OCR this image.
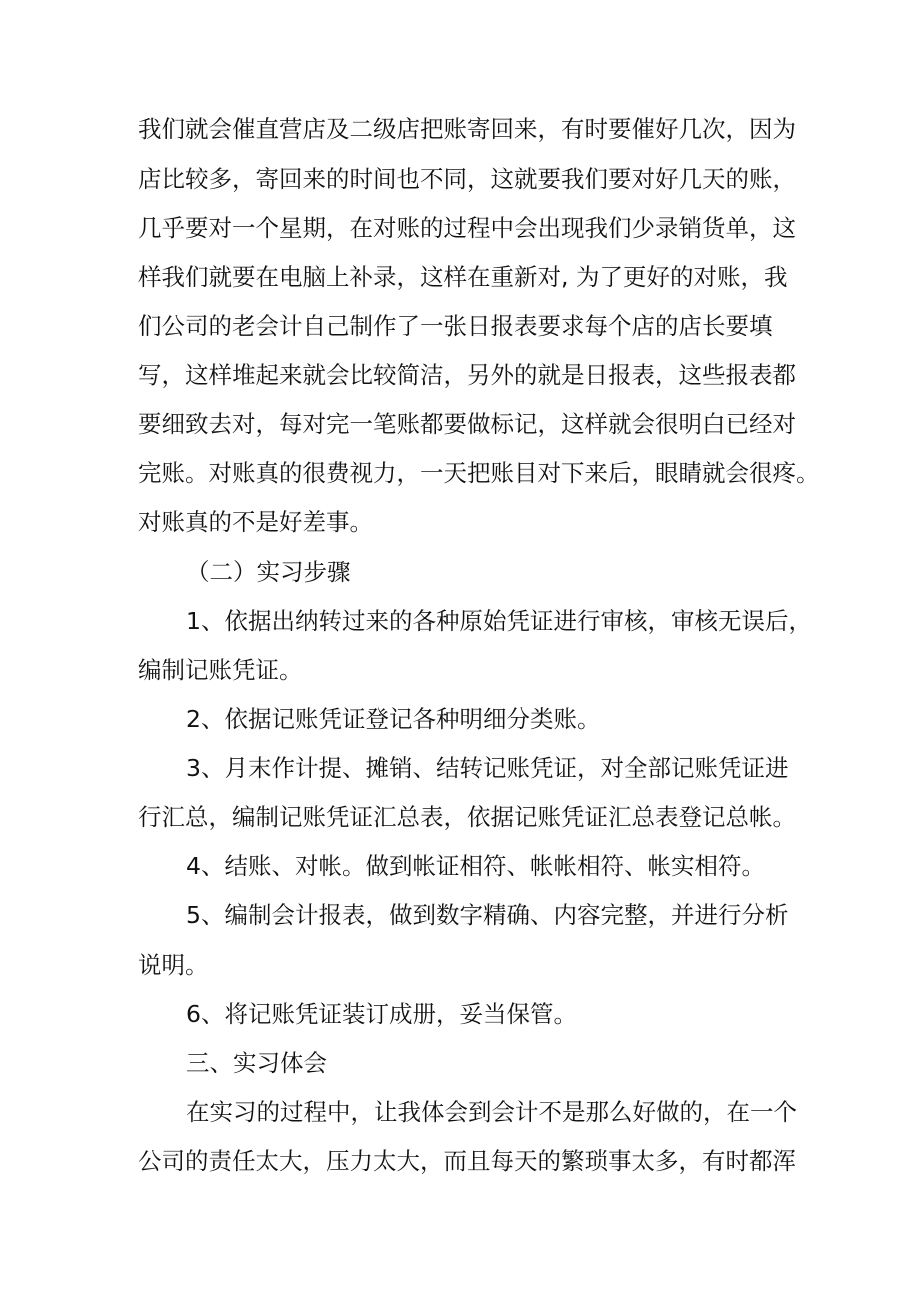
我们就会催直营店及二级店把账寄回来，有时要催好几次，因为
店比较多，寄回来的时间也不同，这就要我们要对好几天的账，
几乎要对一个星期，在对账的过程中会出现我们少录销货单，这
样我们就要在电脑上补录，这样在重新对, 为了更好的对账，我
们公司的老会计自己制作了一张日报表要求每个店的店长要填
写，这样堆起来就会比较简洁，另外的就是日报表，这些报表都
要细致去对，每对完一笔账都要做标记，这样就会很明白已经对
完账。对账真的很费视力，一天把账目对下来后，眼睛就会很疼。
对账真的不是好差事。
（二）实习步骤
1、依据出纳转过来的各种原始凭证进行审核，审核无误后，
编制记账凭证。
2、依据记账凭证登记各种明细分类账。
3、月末作计提、摊销、结转记账凭证，对全部记账凭证进
行汇总，编制记账凭证汇总表，依据记账凭证汇总表登记总帐。
4、结账、对帐。做到帐证相符、帐帐相符、帐实相符。
5、编制会计报表，做到数字精确、内容完整，并进行分析
说明。
6、将记账凭证装订成册，妥当保管。
三、实习体会
在实习的过程中，让我体会到会计不是那么好做的，在一个
公司的责任太大，压力太大，而且每天的繁琐事太多，有时都浑
